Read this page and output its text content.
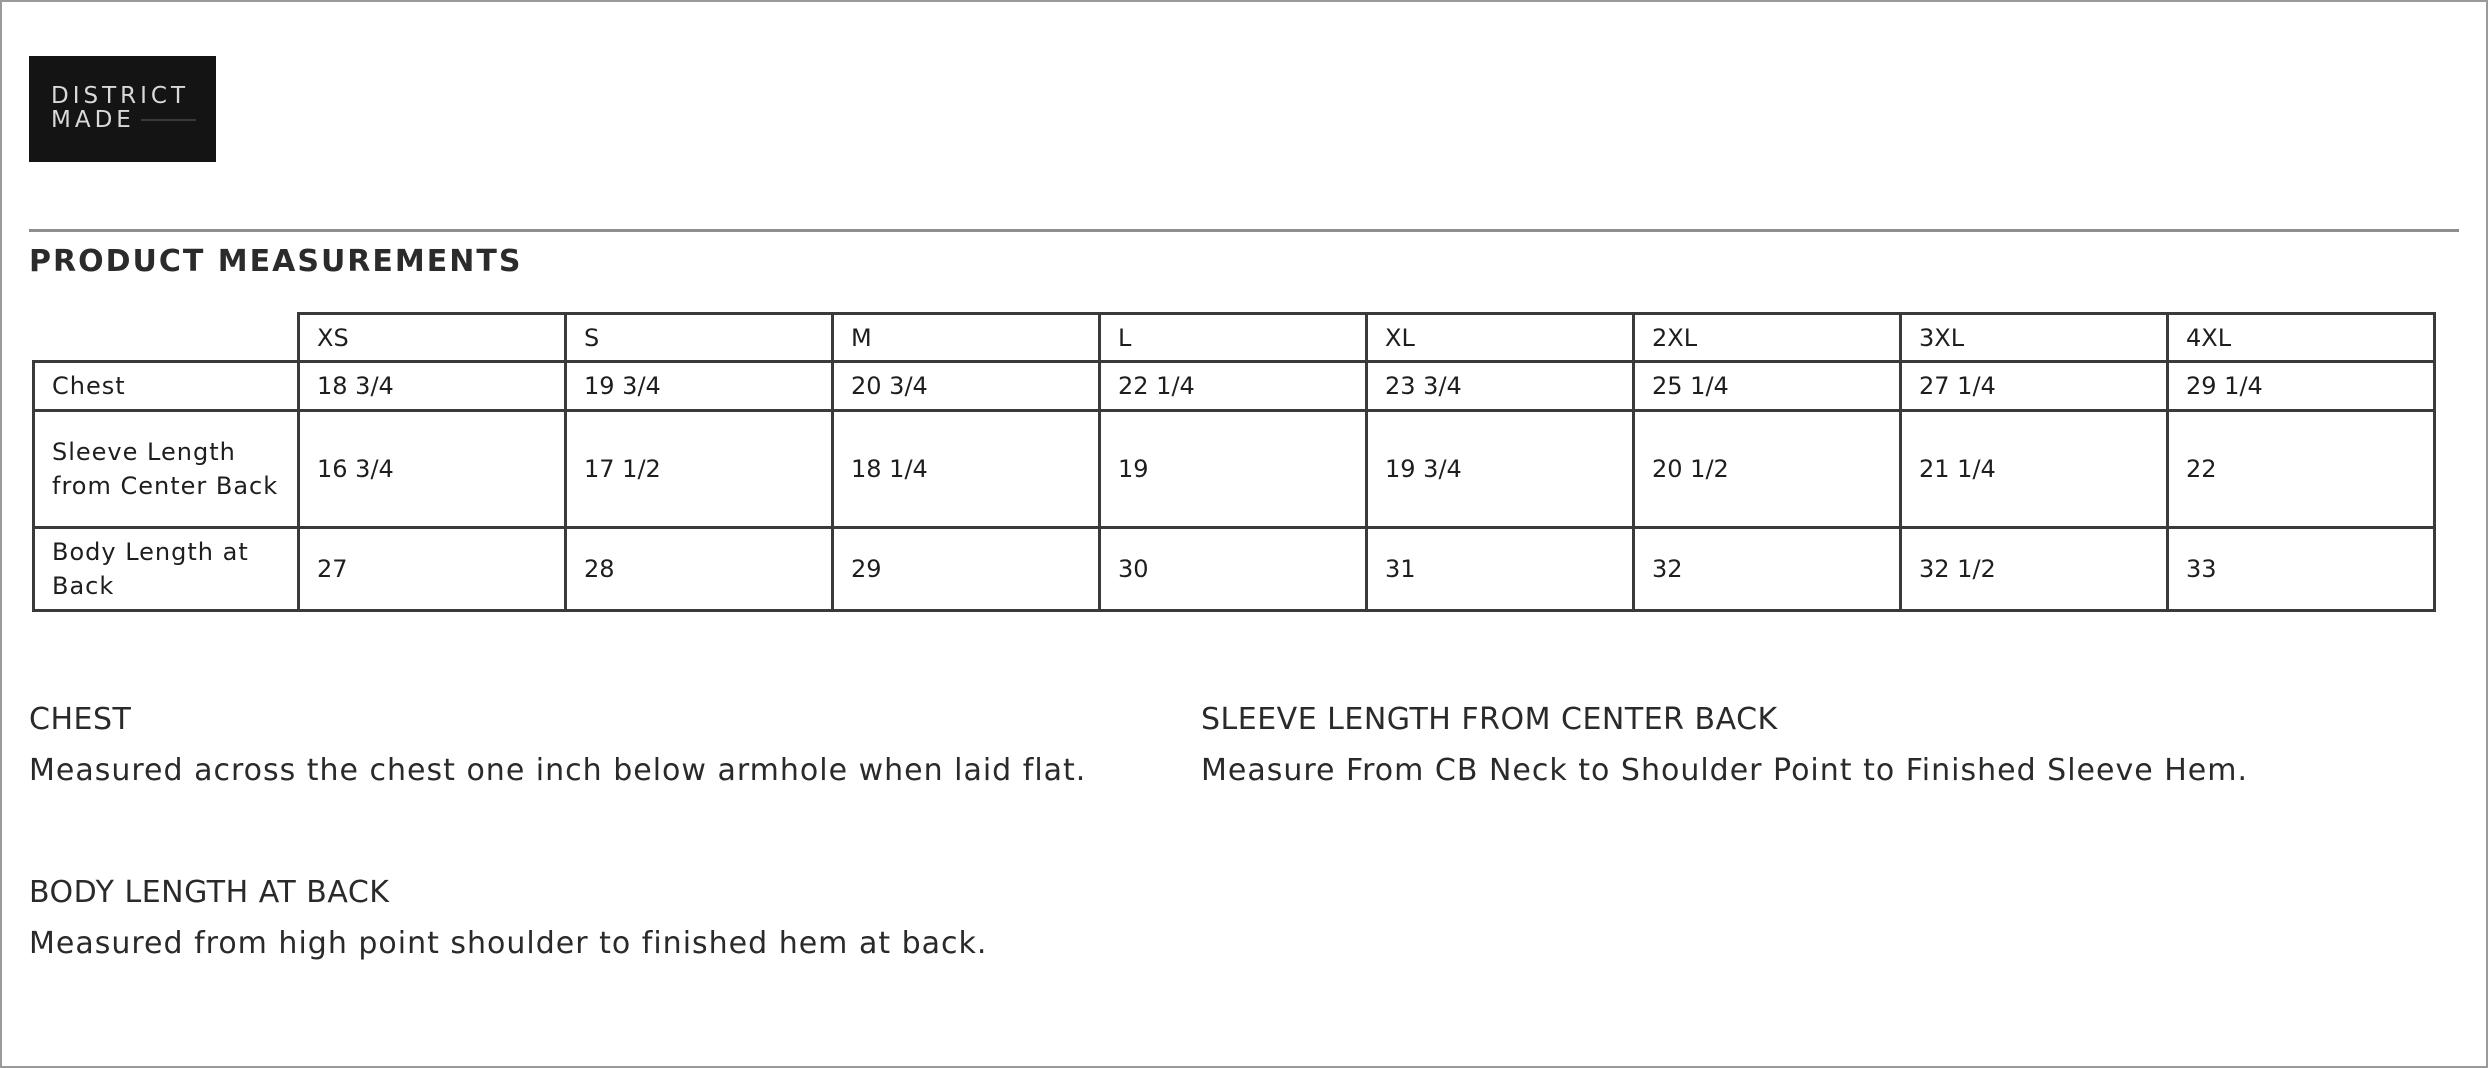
DISTRICT
MADE
PRODUCT MEASUREMENTS
	XS	S	M	L	XL	2XL	3XL	4XL
Chest	18 3/4	19 3/4	20 3/4	22 1/4	23 3/4	25 1/4	27 1/4	29 1/4
Sleeve Length from Center Back	16 3/4	17 1/2	18 1/4	19	19 3/4	20 1/2	21 1/4	22
Body Length at Back	27	28	29	30	31	32	32 1/2	33

CHEST

Measured across the chest one inch below armhole when laid flat.

SLEEVE LENGTH FROM CENTER BACK

Measure From CB Neck to Shoulder Point to Finished Sleeve Hem.

BODY LENGTH AT BACK

Measured from high point shoulder to finished hem at back.
